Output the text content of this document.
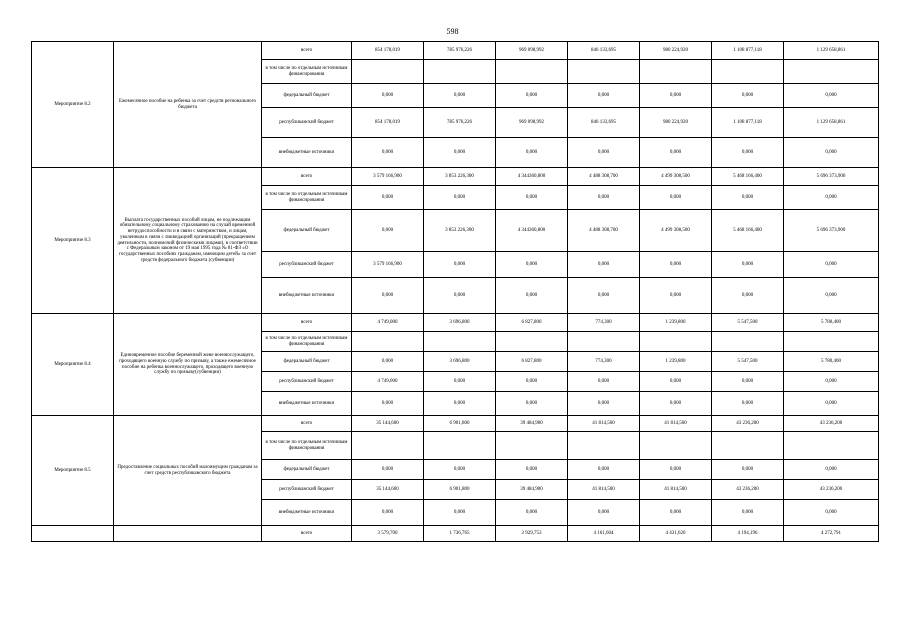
598
Мероприятие 8.2	Ежемесячное пособие на ребенка за счет средств регионального бюджета	всего	854 178,019	785 976,226	969 098,992	846 133,695	980 224,920	1 108 877,118	1 129 658,861
		в том числе по отдельным источникам финансирования							
		федеральный бюджет	0,000	0,000	0,000	0,000	0,000	0,000	0,000
		республиканский бюджет	854 178,019	785 976,226	969 098,992	846 133,695	980 224,920	1 108 877,118	1 129 658,861
		внебюджетные источники	0,000	0,000	0,000	0,000	0,000	0,000	0,000
Мероприятие 8.3	Выплата государственных пособий лицам, не подлежащим обязательному социальному страхованию на случай временной нетрудоспособности и в связи с материнством, и лицам, уволенным в связи с ликвидацией организаций (прекращением деятельности, полномочий физическими лицами), в соответствии с Федеральным законом от 19 мая 1995 года № 81-ФЗ «О государственных пособиях гражданам, имеющим детей» за счет средств федерального бюджета (субвенции)	всего	3 579 166,900	3 853 226,300	4 344360,800	4 488 308,700	4 499 308,500	5 468 166,400	5 696 373,900
		в том числе по отдельным источникам финансирования	0,000	0,000	0,000	0,000	0,000	0,000	0,000
		федеральный бюджет	0,000	3 853 226,300	4 344360,800	4 488 308,700	4 499 308,500	5 468 166,400	5 696 373,900
		республиканский бюджет	3 579 166,900	0,000	0,000	0,000	0,000	0,000	0,000
		внебюджетные источники	0,000	0,000	0,000	0,000	0,000	0,000	0,000
Мероприятие 8.4	Единовременное пособие беременной жене военнослужащего, проходящего военную службу по призыву, а также ежемесячное пособие на ребенка военнослужащего, проходящего военную службу по призыву(субвенции)	всего	4 749,000	3 696,800	6 827,800	774,300	1 239,800	5 547,500	5 780,400
		в том числе по отдельным источникам финансирования							
		федеральный бюджет	0,000	3 696,800	6 827,800	774,300	1 239,800	5 547,500	5 780,400
		республиканский бюджет	4 749,000	0,000	0,000	0,000	0,000	0,000	0,000
		внебюджетные источники	0,000	0,000	0,000	0,000	0,000	0,000	0,000
Мероприятие 8.5	Предоставление социальных пособий малоимущим гражданам за счет средств республиканского бюджета	всего	35 144,600	6 901,800	39 484,900	41 814,500	41 814,500	43 236,200	43 236,200
		в том числе по отдельным источникам финансирования							
		федеральный бюджет	0,000	0,000	0,000	0,000	0,000	0,000	0,000
		республиканский бюджет	35 144,600	6 901,800	39 484,900	41 814,500	41 814,500	43 236,200	43 236,200
		внебюджетные источники	0,000	0,000	0,000	0,000	0,000	0,000	0,000
		всего	3 579,700	1 736,765	3 929,753	4 161,604	4 431,620	4 194,196	4 272,791
